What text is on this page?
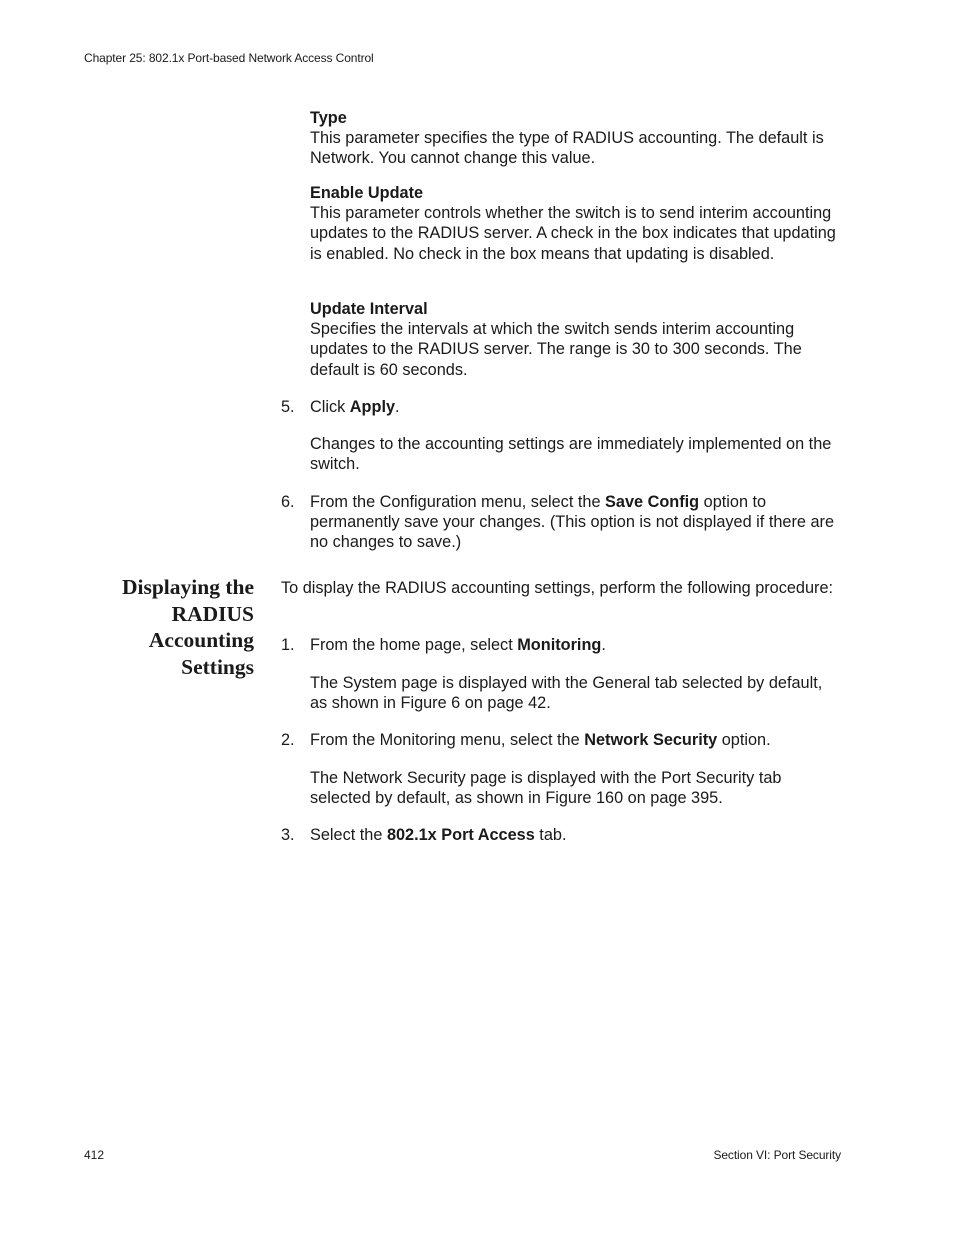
Chapter 25: 802.1x Port-based Network Access Control
Type
This parameter specifies the type of RADIUS accounting. The default is Network. You cannot change this value.
Enable Update
This parameter controls whether the switch is to send interim accounting updates to the RADIUS server. A check in the box indicates that updating is enabled. No check in the box means that updating is disabled.
Update Interval
Specifies the intervals at which the switch sends interim accounting updates to the RADIUS server. The range is 30 to 300 seconds. The default is 60 seconds.
5. Click Apply.
Changes to the accounting settings are immediately implemented on the switch.
6. From the Configuration menu, select the Save Config option to permanently save your changes. (This option is not displayed if there are no changes to save.)
Displaying the
RADIUS
Accounting
Settings
To display the RADIUS accounting settings, perform the following procedure:
1. From the home page, select Monitoring.
The System page is displayed with the General tab selected by default, as shown in Figure 6 on page 42.
2. From the Monitoring menu, select the Network Security option.
The Network Security page is displayed with the Port Security tab selected by default, as shown in Figure 160 on page 395.
3. Select the 802.1x Port Access tab.
412	Section VI: Port Security
